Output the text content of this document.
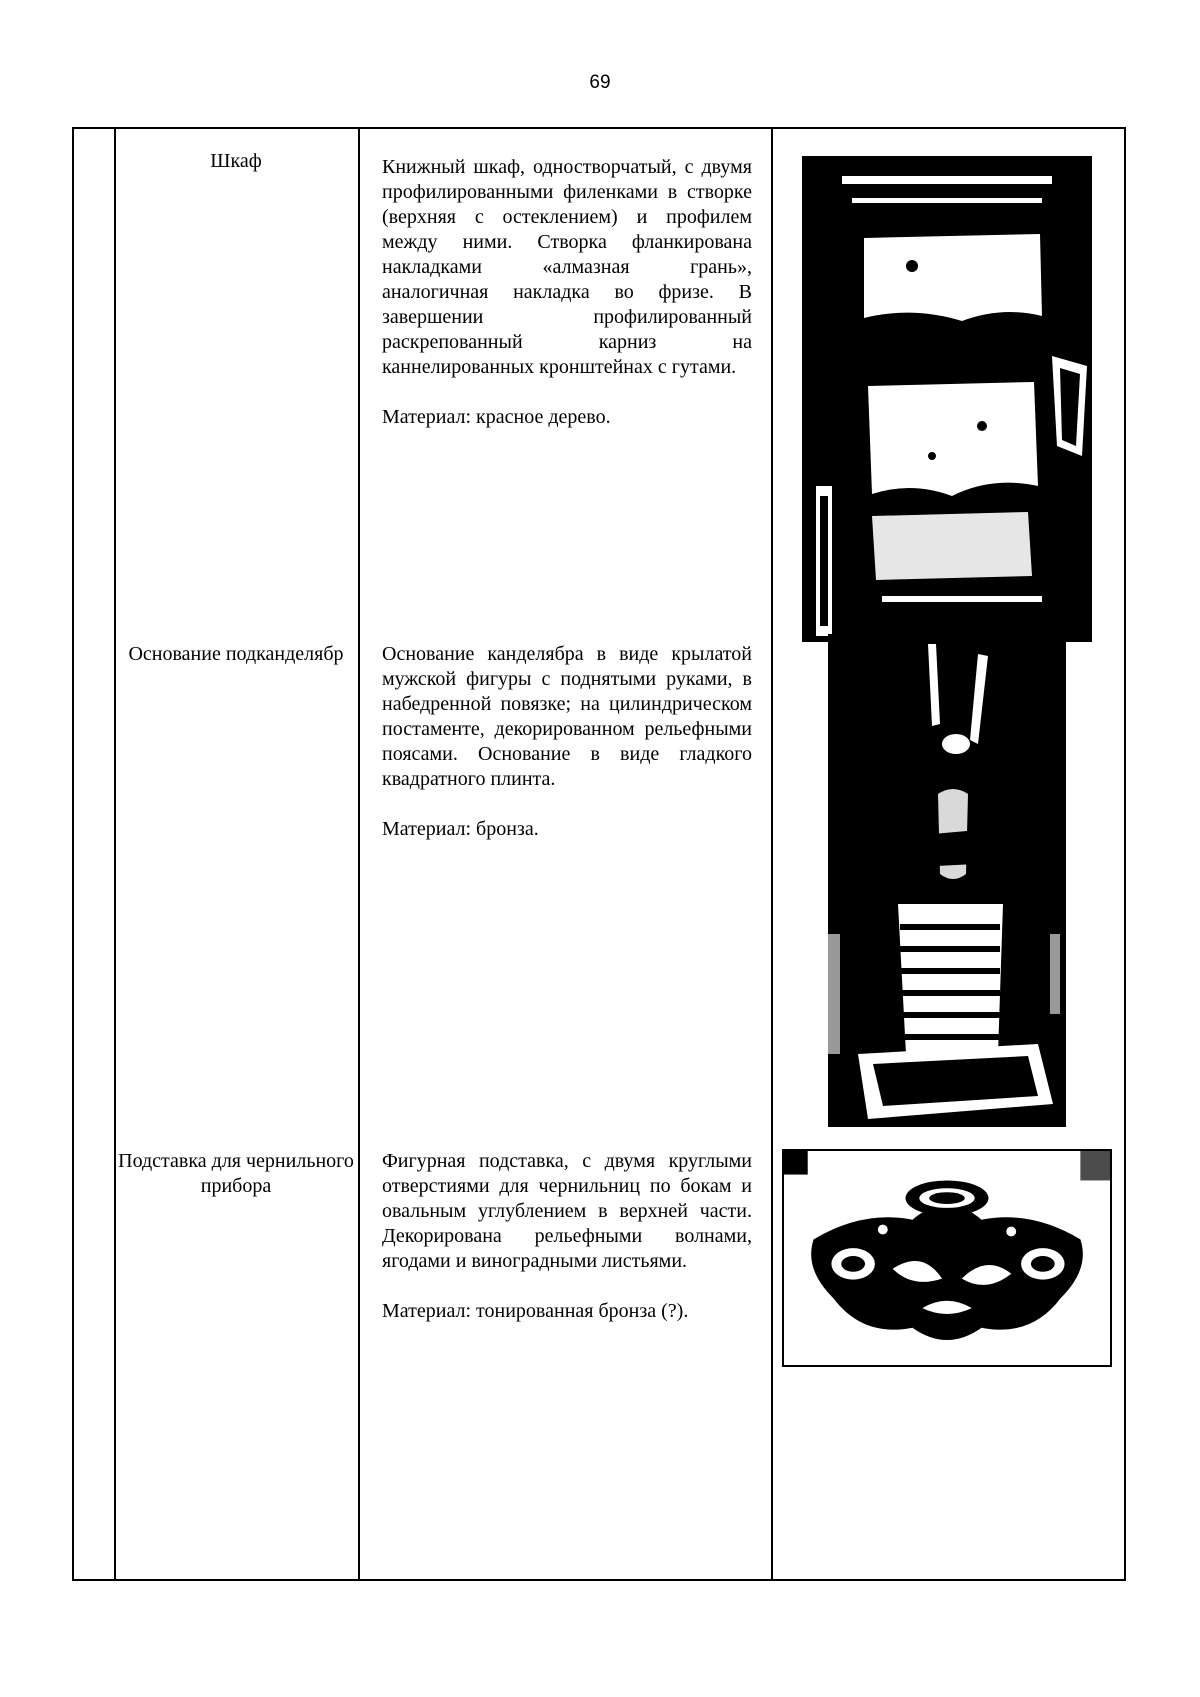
69
Шкаф	Книжный шкаф, одностворчатый, с двумя профилированными филенками в створке (верхняя с остеклением) и профилем между ними. Створка фланкирована накладками «алмазная грань», аналогичная накладка во фризе. В завершении профилированный раскрепованный карниз на каннелированных кронштейнах с гутами.

Материал: красное дерево.

Основание подканделябр	Основание канделябра в виде крылатой мужской фигуры с поднятыми руками, в набедренной повязке; на цилиндрическом постаменте, декорированном рельефными поясами. Основание в виде гладкого квадратного плинта.

Материал: бронза.

Подставка для чернильного прибора

Фигурная подставка, с двумя круглыми отверстиями для чернильниц по бокам и овальным углублением в верхней части. Декорирована рельефными волнами, ягодами и виноградными листьями.

Материал: тонированная бронза (?).
